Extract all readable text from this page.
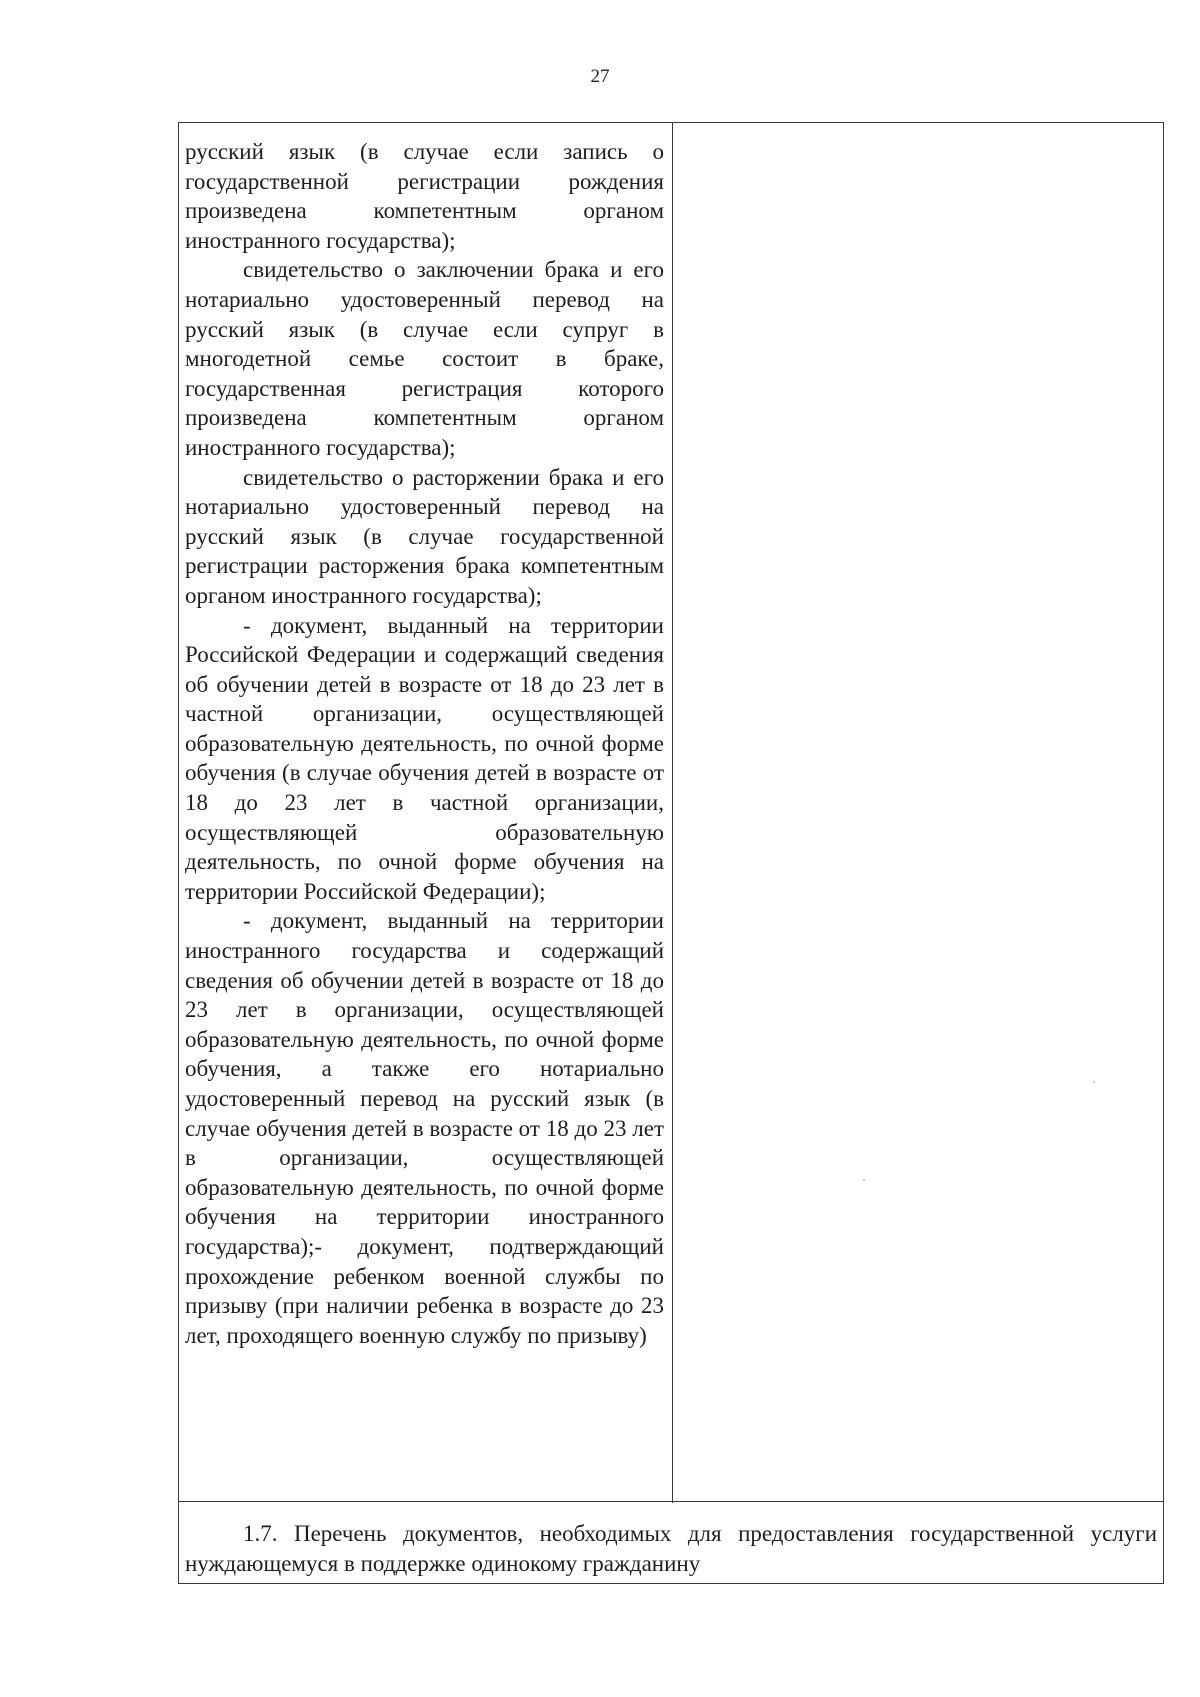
27

русский язык (в случае если запись о государственной регистрации рождения произведена компетентным органом иностранного государства);

свидетельство о заключении брака и его нотариально удостоверенный перевод на русский язык (в случае если супруг в многодетной семье состоит в браке, государственная регистрация которого произведена компетентным органом иностранного государства);

свидетельство о расторжении брака и его нотариально удостоверенный перевод на русский язык (в случае государственной регистрации расторжения брака компетентным органом иностранного государства);

- документ, выданный на территории Российской Федерации и содержащий сведения об обучении детей в возрасте от 18 до 23 лет в частной организации, осуществляющей образовательную деятельность, по очной форме обучения (в случае обучения детей в возрасте от 18 до 23 лет в частной организации, осуществляющей образовательную деятельность, по очной форме обучения на территории Российской Федерации);

- документ, выданный на территории иностранного государства и содержащий сведения об обучении детей в возрасте от 18 до 23 лет в организации, осуществляющей образовательную деятельность, по очной форме обучения, а также его нотариально удостоверенный перевод на русский язык (в случае обучения детей в возрасте от 18 до 23 лет в организации, осуществляющей образовательную деятельность, по очной форме обучения на территории иностранного государства);- документ, подтверждающий прохождение ребенком военной службы по призыву (при наличии ребенка в возрасте до 23 лет, проходящего военную службу по призыву)

1.7. Перечень документов, необходимых для предоставления государственной услуги нуждающемуся в поддержке одинокому гражданину
